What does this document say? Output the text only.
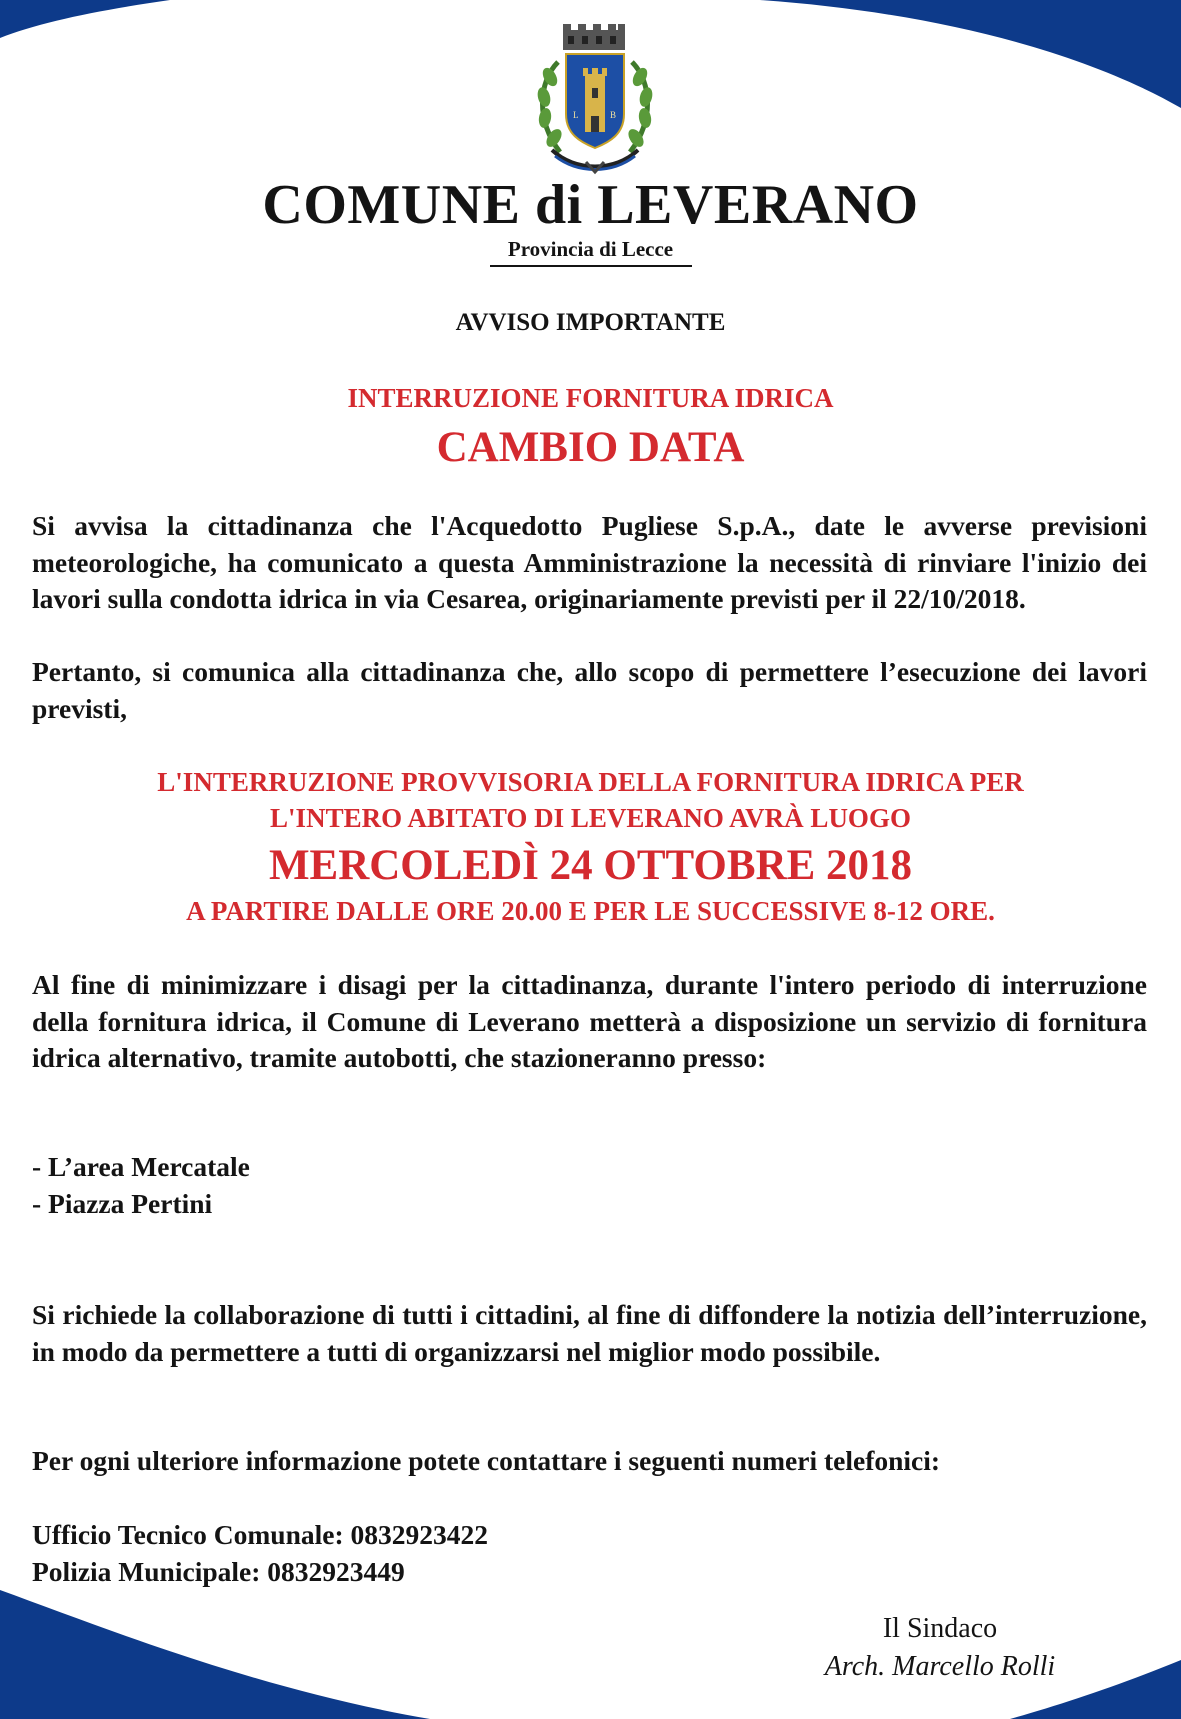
L	B
COMUNE di LEVERANO
Provincia di Lecce
AVVISO IMPORTANTE
INTERRUZIONE FORNITURA IDRICA
CAMBIO DATA

Si avvisa la cittadinanza che l'Acquedotto Pugliese S.p.A., date le avverse previsioni meteorologiche, ha comunicato a questa Amministrazione la necessità di rinviare l'inizio dei lavori sulla condotta idrica in via Cesarea, originariamente previsti per il 22/10/2018.

Pertanto, si comunica alla cittadinanza che, allo scopo di permettere l’esecuzione dei lavori previsti,

L'INTERRUZIONE PROVVISORIA DELLA FORNITURA IDRICA PER
L'INTERO ABITATO DI LEVERANO AVRÀ LUOGO
MERCOLEDÌ 24 OTTOBRE 2018
A PARTIRE DALLE ORE 20.00 E PER LE SUCCESSIVE 8-12 ORE.

Al fine di minimizzare i disagi per la cittadinanza, durante l'intero periodo di interruzione della fornitura idrica, il Comune di Leverano metterà a disposizione un servizio di fornitura idrica alternativo, tramite autobotti, che stazioneranno presso:

- L’area Mercatale
- Piazza Pertini

Si richiede la collaborazione di tutti i cittadini, al fine di diffondere la notizia dell’interruzione, in modo da permettere a tutti di organizzarsi nel miglior modo possibile.

Per ogni ulteriore informazione potete contattare i seguenti numeri telefonici:

Ufficio Tecnico Comunale: 0832923422
Polizia Municipale: 0832923449
Il Sindaco
Arch. Marcello Rolli
